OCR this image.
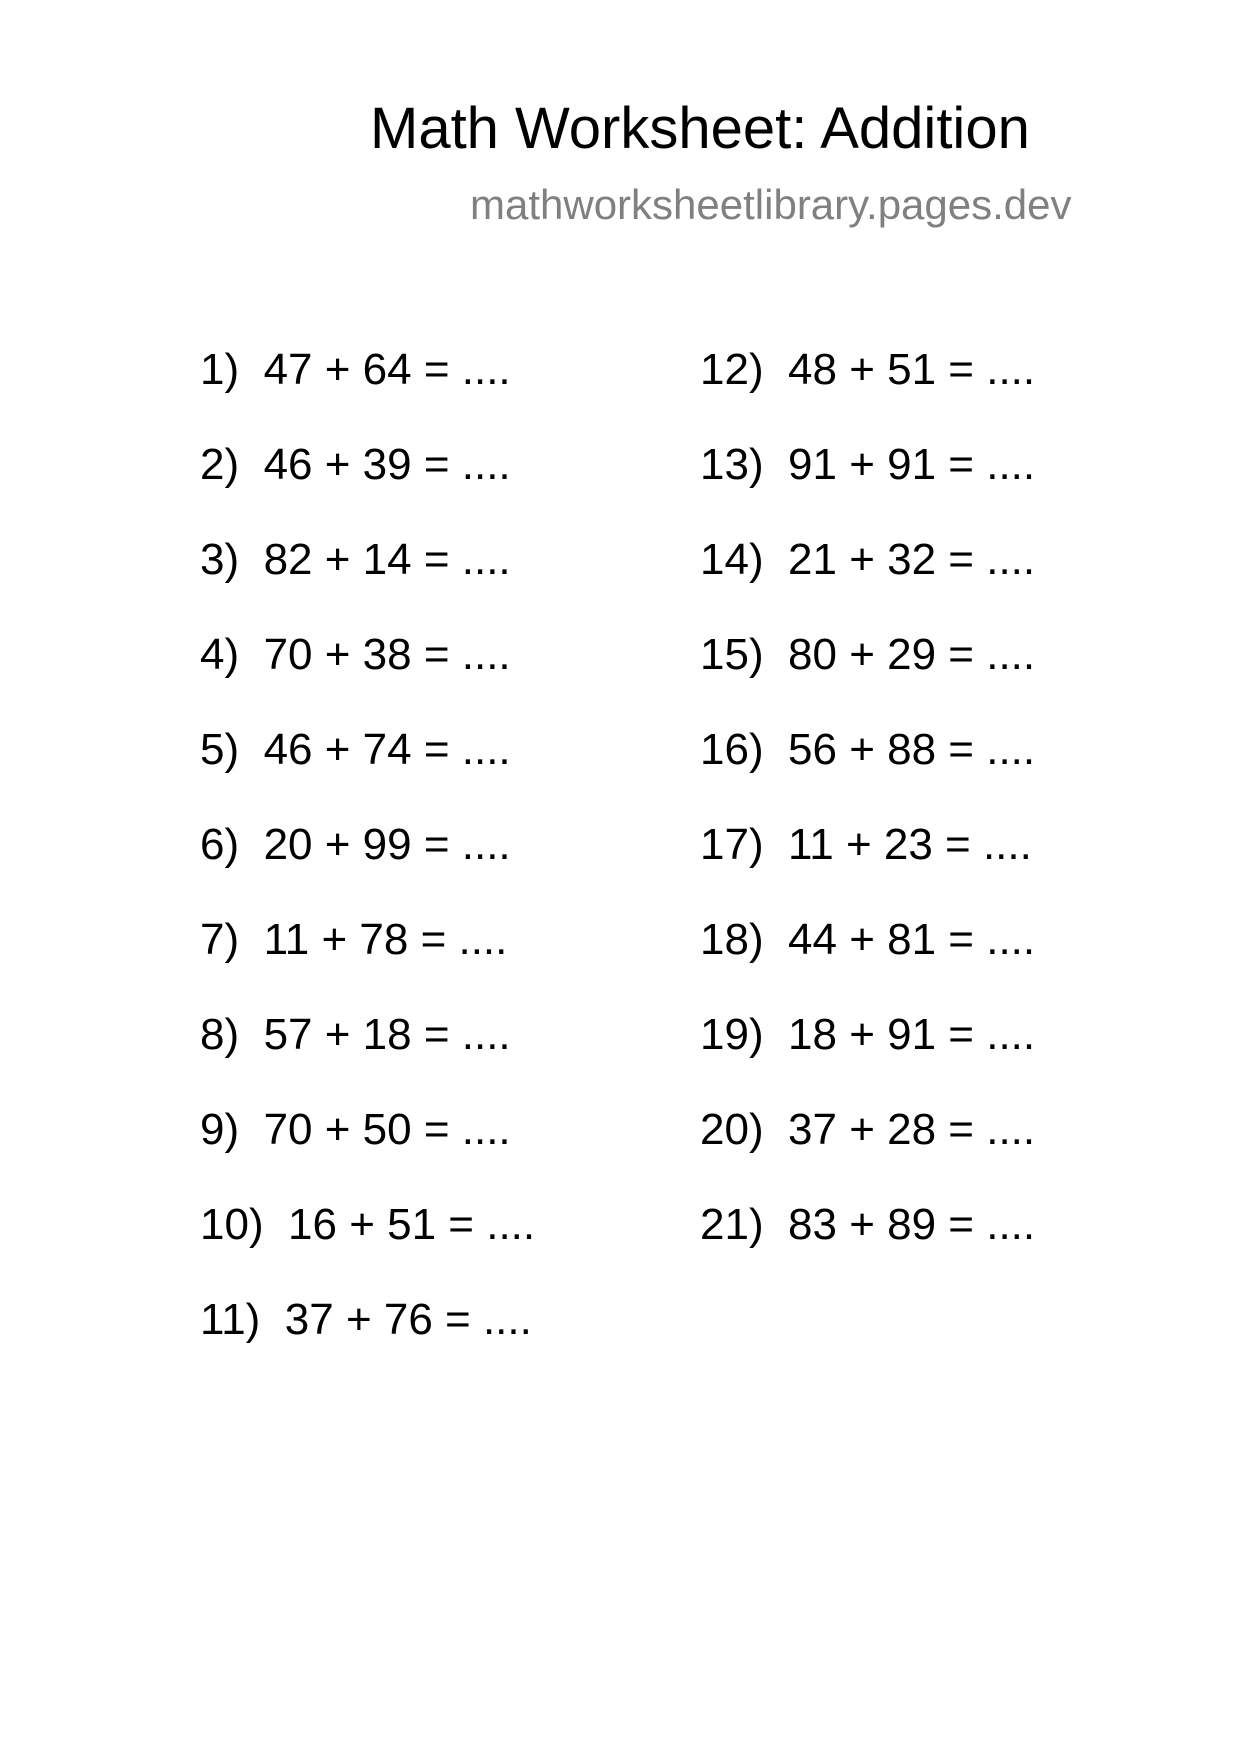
Math Worksheet: Addition
mathworksheetlibrary.pages.dev
1) 47 + 64 = ....
2) 46 + 39 = ....
3) 82 + 14 = ....
4) 70 + 38 = ....
5) 46 + 74 = ....
6) 20 + 99 = ....
7) 11 + 78 = ....
8) 57 + 18 = ....
9) 70 + 50 = ....
10) 16 + 51 = ....
11) 37 + 76 = ....
12) 48 + 51 = ....
13) 91 + 91 = ....
14) 21 + 32 = ....
15) 80 + 29 = ....
16) 56 + 88 = ....
17) 11 + 23 = ....
18) 44 + 81 = ....
19) 18 + 91 = ....
20) 37 + 28 = ....
21) 83 + 89 = ....
